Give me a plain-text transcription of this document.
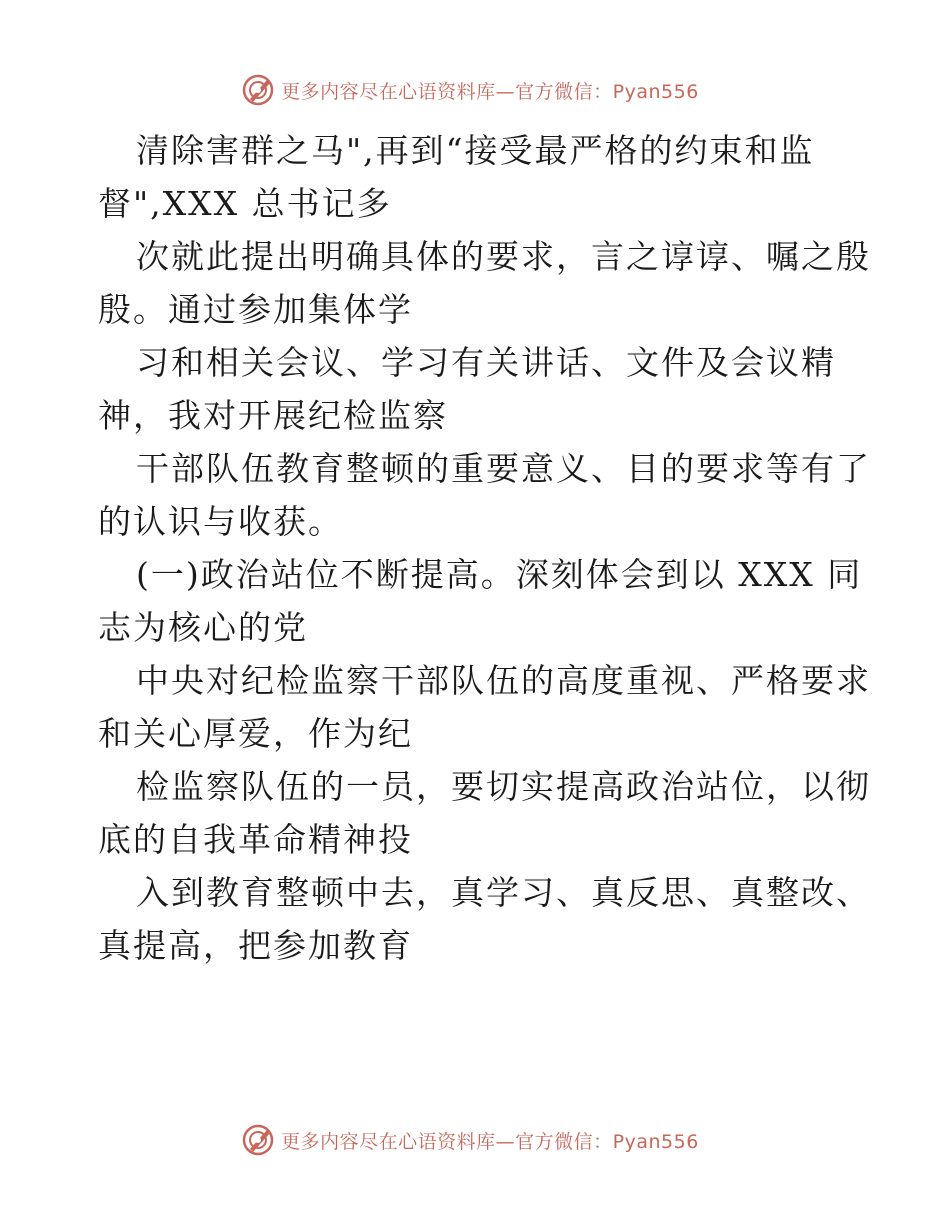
更多内容尽在心语资料库—官方微信：Pyan556
清除害群之马",再到“接受最严格的约束和监
督",XXX 总书记多
次就此提出明确具体的要求，言之谆谆、嘱之殷
殷。通过参加集体学
习和相关会议、学习有关讲话、文件及会议精
神，我对开展纪检监察
干部队伍教育整顿的重要意义、目的要求等有了
的认识与收获。
(一)政治站位不断提高。深刻体会到以 XXX 同
志为核心的党
中央对纪检监察干部队伍的高度重视、严格要求
和关心厚爱，作为纪
检监察队伍的一员，要切实提高政治站位，以彻
底的自我革命精神投
入到教育整顿中去，真学习、真反思、真整改、
真提高，把参加教育
更多内容尽在心语资料库—官方微信：Pyan556
